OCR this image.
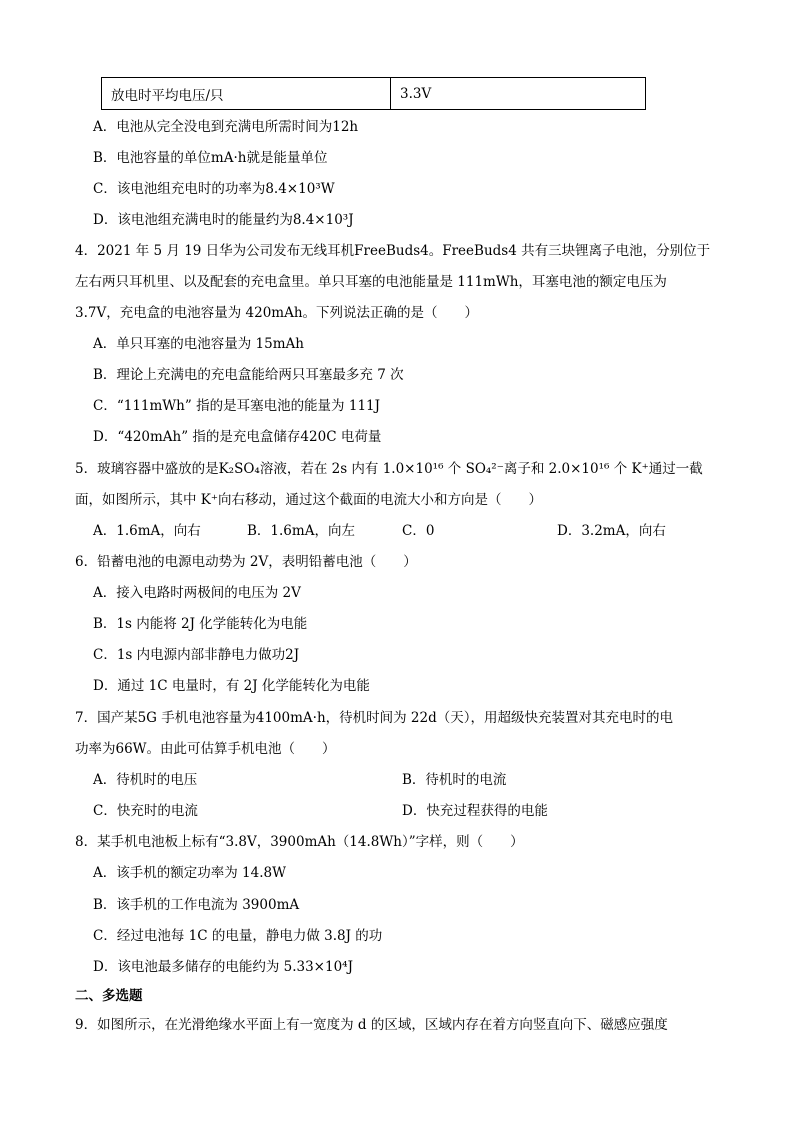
放电时平均电压/只	3.3V
A．电池从完全没电到充满电所需时间为12h
B．电池容量的单位mA·h就是能量单位
C．该电池组充电时的功率为8.4×10³W
D．该电池组充满电时的能量约为8.4×10³J
4．2021 年 5 月 19 日华为公司发布无线耳机FreeBuds4。FreeBuds4 共有三块锂离子电池，分别位于
左右两只耳机里、以及配套的充电盒里。单只耳塞的电池能量是 111mWh，耳塞电池的额定电压为
3.7V，充电盒的电池容量为 420mAh。下列说法正确的是（　　）
A．单只耳塞的电池容量为 15mAh
B．理论上充满电的充电盒能给两只耳塞最多充 7 次
C．“111mWh” 指的是耳塞电池的能量为 111J
D．“420mAh” 指的是充电盒储存420C 电荷量
5．玻璃容器中盛放的是K₂SO₄溶液，若在 2s 内有 1.0×10¹⁶ 个 SO₄²⁻离子和 2.0×10¹⁶ 个 K⁺通过一截
面，如图所示，其中 K⁺向右移动，通过这个截面的电流大小和方向是（　　）
A．1.6mA，向右	B．1.6mA，向左	C．0	D．3.2mA，向右
6．铅蓄电池的电源电动势为 2V，表明铅蓄电池（　　）
A．接入电路时两极间的电压为 2V
B．1s 内能将 2J 化学能转化为电能
C．1s 内电源内部非静电力做功2J
D．通过 1C 电量时，有 2J 化学能转化为电能
7．国产某5G 手机电池容量为4100mA·h，待机时间为 22d（天），用超级快充装置对其充电时的电
功率为66W。由此可估算手机电池（　　）
A．待机时的电压	B．待机时的电流
C．快充时的电流	D．快充过程获得的电能
8．某手机电池板上标有“3.8V，3900mAh（14.8Wh）”字样，则（　　）
A．该手机的额定功率为 14.8W
B．该手机的工作电流为 3900mA
C．经过电池每 1C 的电量，静电力做 3.8J 的功
D．该电池最多储存的电能约为 5.33×10⁴J
二、多选题
9．如图所示，在光滑绝缘水平面上有一宽度为 d 的区域，区域内存在着方向竖直向下、磁感应强度
